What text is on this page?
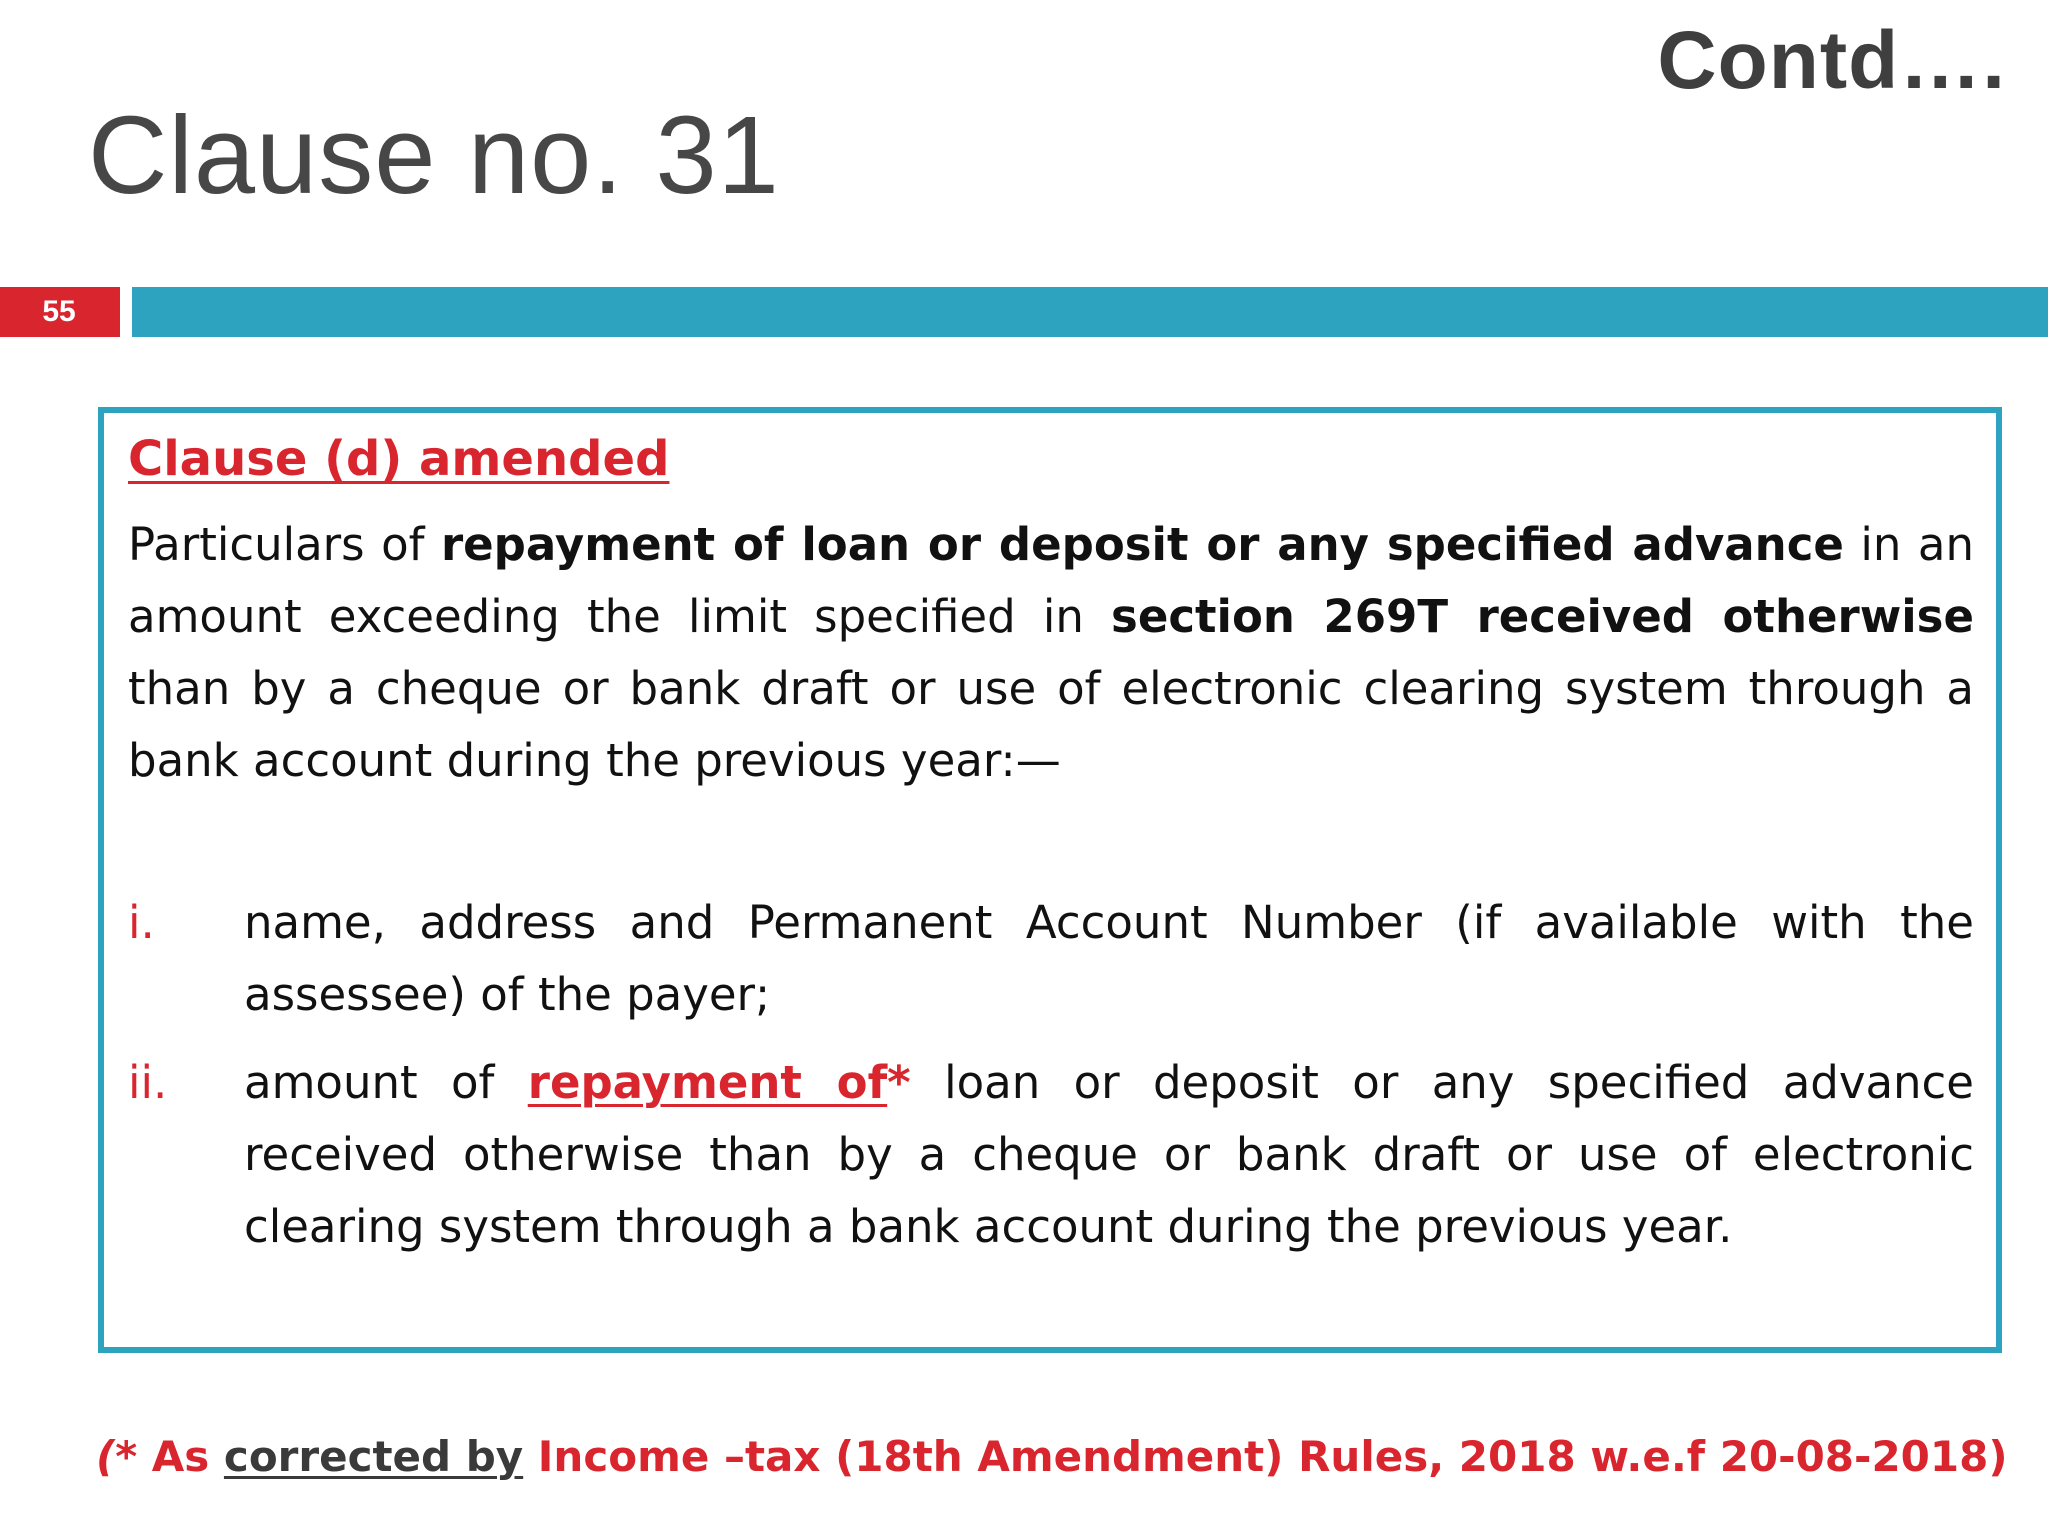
Contd….
Clause no. 31
55
Clause (d) amended

Particulars of repayment of loan or deposit or any specified advance in an amount exceeding the limit specified in section 269T received otherwise than by a cheque or bank draft or use of electronic clearing system through a bank account during the previous year:—

i.	name, address and Permanent Account Number (if available with the assessee) of the payer;
ii.	amount of repayment of* loan or deposit or any specified advance received otherwise than by a cheque or bank draft or use of electronic clearing system through a bank account during the previous year.
(* As corrected by Income –tax (18th Amendment) Rules, 2018 w.e.f 20-08-2018)
